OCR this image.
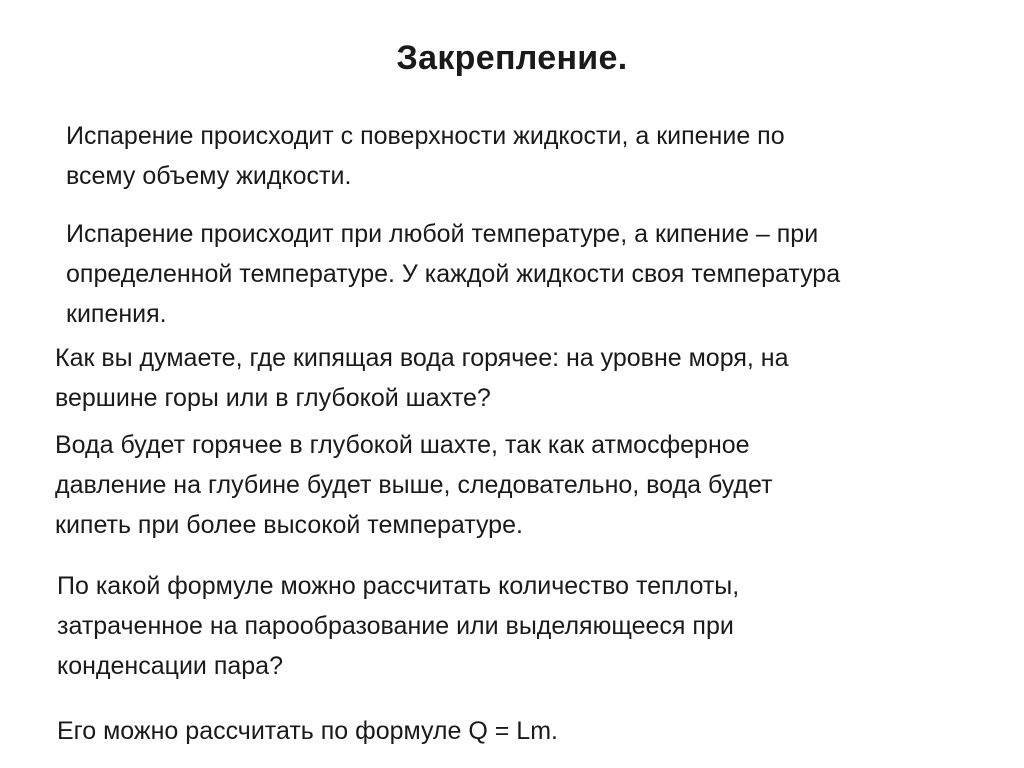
Закрепление.
Испарение происходит с поверхности жидкости, а кипение по
всему объему жидкости.
Испарение происходит при любой температуре, а кипение – при
определенной температуре. У каждой жидкости своя температура
кипения.
Как вы думаете, где кипящая вода горячее: на уровне моря, на
вершине горы или в глубокой шахте?
Вода будет горячее в глубокой шахте, так как атмосферное
давление на глубине будет выше, следовательно, вода будет
кипеть при более высокой температуре.
По какой формуле можно рассчитать количество теплоты,
затраченное на парообразование или выделяющееся при
конденсации пара?
Его можно рассчитать по формуле Q = Lm.
